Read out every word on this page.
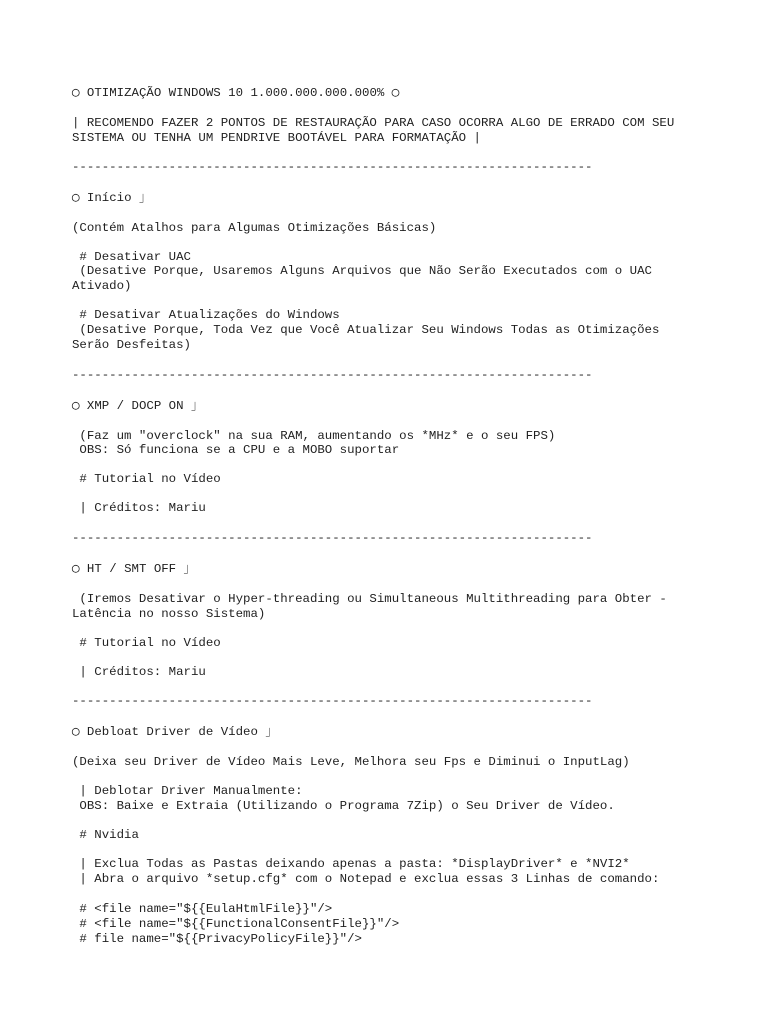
◯ OTIMIZAÇÃO WINDOWS 10 1.000.000.000.000% ◯
| RECOMENDO FAZER 2 PONTOS DE RESTAURAÇÃO PARA CASO OCORRA ALGO DE ERRADO COM SEU
SISTEMA OU TENHA UM PENDRIVE BOOTÁVEL PARA FORMATAÇÃO |
----------------------------------------------------------------------
◯ Início 」
(Contém Atalhos para Algumas Otimizações Básicas)
# Desativar UAC
(Desative Porque, Usaremos Alguns Arquivos que Não Serão Executados com o UAC
Ativado)
# Desativar Atualizações do Windows
(Desative Porque, Toda Vez que Você Atualizar Seu Windows Todas as Otimizações
Serão Desfeitas)
----------------------------------------------------------------------
◯ XMP / DOCP ON 」
(Faz um "overclock" na sua RAM, aumentando os *MHz* e o seu FPS)
OBS: Só funciona se a CPU e a MOBO suportar
# Tutorial no Vídeo
| Créditos: Mariu
----------------------------------------------------------------------
◯ HT / SMT OFF 」
(Iremos Desativar o Hyper-threading ou Simultaneous Multithreading para Obter -
Latência no nosso Sistema)
# Tutorial no Vídeo
| Créditos: Mariu
----------------------------------------------------------------------
◯ Debloat Driver de Vídeo 」
(Deixa seu Driver de Vídeo Mais Leve, Melhora seu Fps e Diminui o InputLag)
| Deblotar Driver Manualmente:
OBS: Baixe e Extraia (Utilizando o Programa 7Zip) o Seu Driver de Vídeo.
# Nvidia
| Exclua Todas as Pastas deixando apenas a pasta: *DisplayDriver* e *NVI2*
| Abra o arquivo *setup.cfg* com o Notepad e exclua essas 3 Linhas de comando:
# <file name="${{EulaHtmlFile}}"/>
# <file name="${{FunctionalConsentFile}}"/>
# file name="${{PrivacyPolicyFile}}"/>
